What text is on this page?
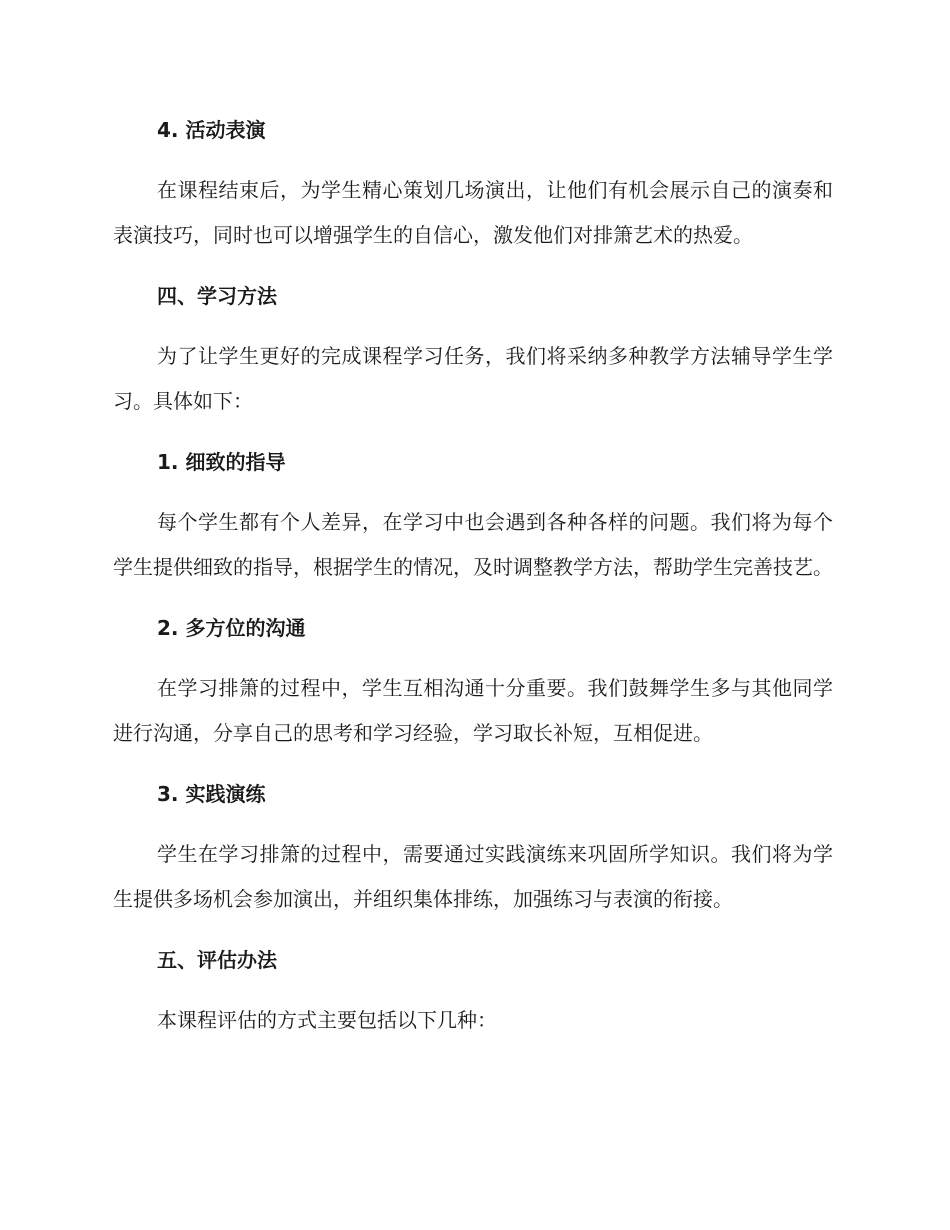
4. 活动表演
在课程结束后，为学生精心策划几场演出，让他们有机会展示自己的演奏和表演技巧，同时也可以增强学生的自信心，激发他们对排箫艺术的热爱。
四、学习方法
为了让学生更好的完成课程学习任务，我们将采纳多种教学方法辅导学生学习。具体如下：
1. 细致的指导
每个学生都有个人差异，在学习中也会遇到各种各样的问题。我们将为每个学生提供细致的指导，根据学生的情况，及时调整教学方法，帮助学生完善技艺。
2. 多方位的沟通
在学习排箫的过程中，学生互相沟通十分重要。我们鼓舞学生多与其他同学进行沟通，分享自己的思考和学习经验，学习取长补短，互相促进。
3. 实践演练
学生在学习排箫的过程中，需要通过实践演练来巩固所学知识。我们将为学生提供多场机会参加演出，并组织集体排练，加强练习与表演的衔接。
五、评估办法
本课程评估的方式主要包括以下几种：
